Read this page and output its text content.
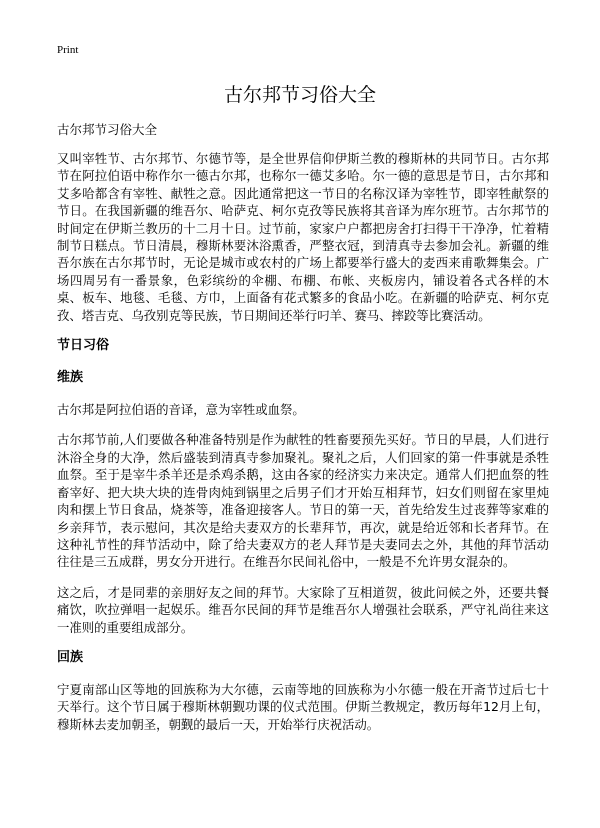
Print
古尔邦节习俗大全
古尔邦节习俗大全

又叫宰牲节、古尔邦节、尔德节等，是全世界信仰伊斯兰教的穆斯林的共同节日。古尔邦节在阿拉伯语中称作尔一德古尔邦，也称尔一德艾多哈。尔一德的意思是节日，古尔邦和艾多哈都含有宰牲、献牲之意。因此通常把这一节日的名称汉译为宰牲节，即宰牲献祭的节日。在我国新疆的维吾尔、哈萨克、柯尔克孜等民族将其音译为库尔班节。古尔邦节的时间定在伊斯兰教历的十二月十日。过节前，家家户户都把房舍打扫得干干净净，忙着精制节日糕点。节日清晨，穆斯林要沐浴熏香，严整衣冠，到清真寺去参加会礼。新疆的维吾尔族在古尔邦节时，无论是城市或农村的广场上都要举行盛大的麦西来甫歌舞集会。广场四周另有一番景象，色彩缤纷的伞棚、布棚、布帐、夹板房内，铺设着各式各样的木桌、板车、地毯、毛毯、方巾，上面备有花式繁多的食品小吃。在新疆的哈萨克、柯尔克孜、塔吉克、乌孜别克等民族，节日期间还举行叼羊、赛马、摔跤等比赛活动。

节日习俗
维族

古尔邦是阿拉伯语的音译，意为宰牲或血祭。

古尔邦节前,人们要做各种准备特别是作为献牲的牲畜要预先买好。节日的早晨，人们进行沐浴全身的大净，然后盛装到清真寺参加聚礼。聚礼之后，人们回家的第一件事就是杀牲血祭。至于是宰牛杀羊还是杀鸡杀鹅，这由各家的经济实力来决定。通常人们把血祭的牲畜宰好、把大块大块的连骨肉炖到锅里之后男子们才开始互相拜节，妇女们则留在家里炖肉和摆上节日食品，烧茶等，准备迎接客人。节日的第一天，首先给发生过丧葬等家难的乡亲拜节，表示慰问，其次是给夫妻双方的长辈拜节，再次，就是给近邻和长者拜节。在这种礼节性的拜节活动中，除了给夫妻双方的老人拜节是夫妻同去之外，其他的拜节活动往往是三五成群，男女分开进行。在维吾尔民间礼俗中，一般是不允许男女混杂的。

这之后，才是同辈的亲朋好友之间的拜节。大家除了互相道贺，彼此问候之外，还要共餐痛饮，吹拉弹唱一起娱乐。维吾尔民间的拜节是维吾尔人增强社会联系，严守礼尚往来这一准则的重要组成部分。

回族

宁夏南部山区等地的回族称为大尔德，云南等地的回族称为小尔德一般在开斋节过后七十天举行。这个节日属于穆斯林朝觐功课的仪式范围。伊斯兰教规定，教历每年12月上旬，穆斯林去麦加朝圣，朝觐的最后一天，开始举行庆祝活动。
